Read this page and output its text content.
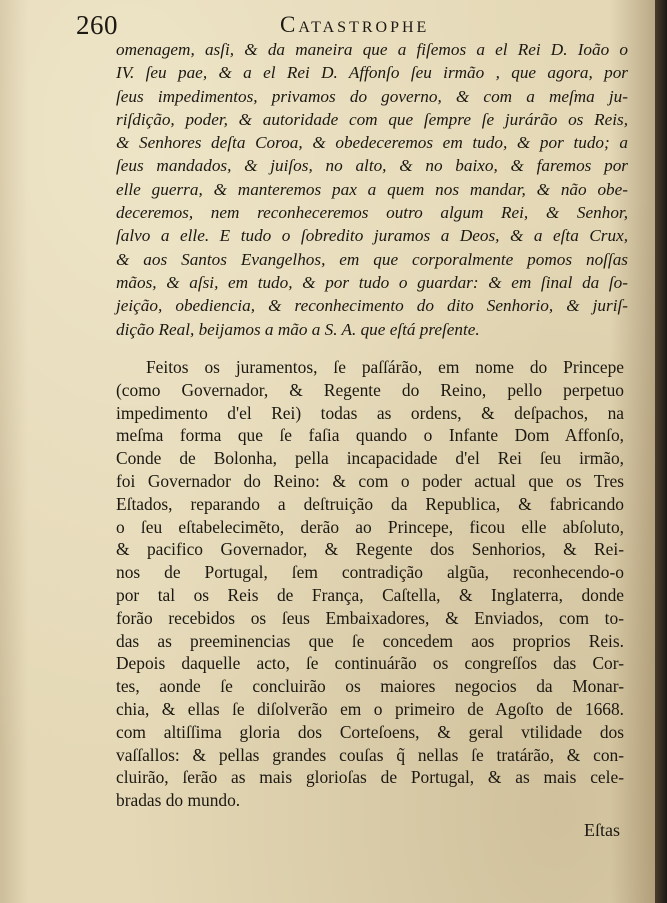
260	Catastrophe

omenagem, asſi, & da maneira que a fiſemos a el Rei D. Ioão o
IV. ſeu pae, & a el Rei D. Affonſo ſeu irmão , que agora, por
ſeus impedimentos, privamos do governo, & com a meſma ju-
riſdição, poder, & autoridade com que ſempre ſe jurárão os Reis,
& Senhores deſta Coroa, & obedeceremos em tudo, & por tudo; a
ſeus mandados, & juiſos, no alto, & no baixo, & faremos por
elle guerra, & manteremos pax a quem nos mandar, & não obe-
deceremos, nem reconheceremos outro algum Rei, & Senhor,
ſalvo a elle. E tudo o ſobredito juramos a Deos, & a eſta Crux,
& aos Santos Evangelhos, em que corporalmente pomos noſſas
mãos, & aſsi, em tudo, & por tudo o guardar: & em ſinal da ſo-
jeição, obediencia, & reconhecimento do dito Senhorio, & juriſ-
dição Real, beijamos a mão a S. A. que eſtá preſente.

Feitos os juramentos, ſe paſſárão, em nome do Princepe
(como Governador, & Regente do Reino, pello perpetuo
impedimento d'el Rei) todas as ordens, & deſpachos, na
meſma forma que ſe faſia quando o Infante Dom Affonſo,
Conde de Bolonha, pella incapacidade d'el Rei ſeu irmão,
foi Governador do Reino: & com o poder actual que os Tres
Eſtados, reparando a deſtruição da Republica, & fabricando
o ſeu eſtabelecimẽto, derão ao Princepe, ficou elle abſoluto,
& pacifico Governador, & Regente dos Senhorios, & Rei-
nos de Portugal, ſem contradição algũa, reconhecendo-o
por tal os Reis de França, Caſtella, & Inglaterra, donde
forão recebidos os ſeus Embaixadores, & Enviados, com to-
das as preeminencias que ſe concedem aos proprios Reis.
Depois daquelle acto, ſe continuárão os congreſſos das Cor-
tes, aonde ſe concluirão os maiores negocios da Monar-
chia, & ellas ſe diſolverão em o primeiro de Agoſto de 1668.
com altiſſima gloria dos Corteſoens, & geral vtilidade dos
vaſſallos: & pellas grandes couſas q̃ nellas ſe tratárão, & con-
cluirão, ſerão as mais glorioſas de Portugal, & as mais cele-
bradas do mundo.

Eſtas
